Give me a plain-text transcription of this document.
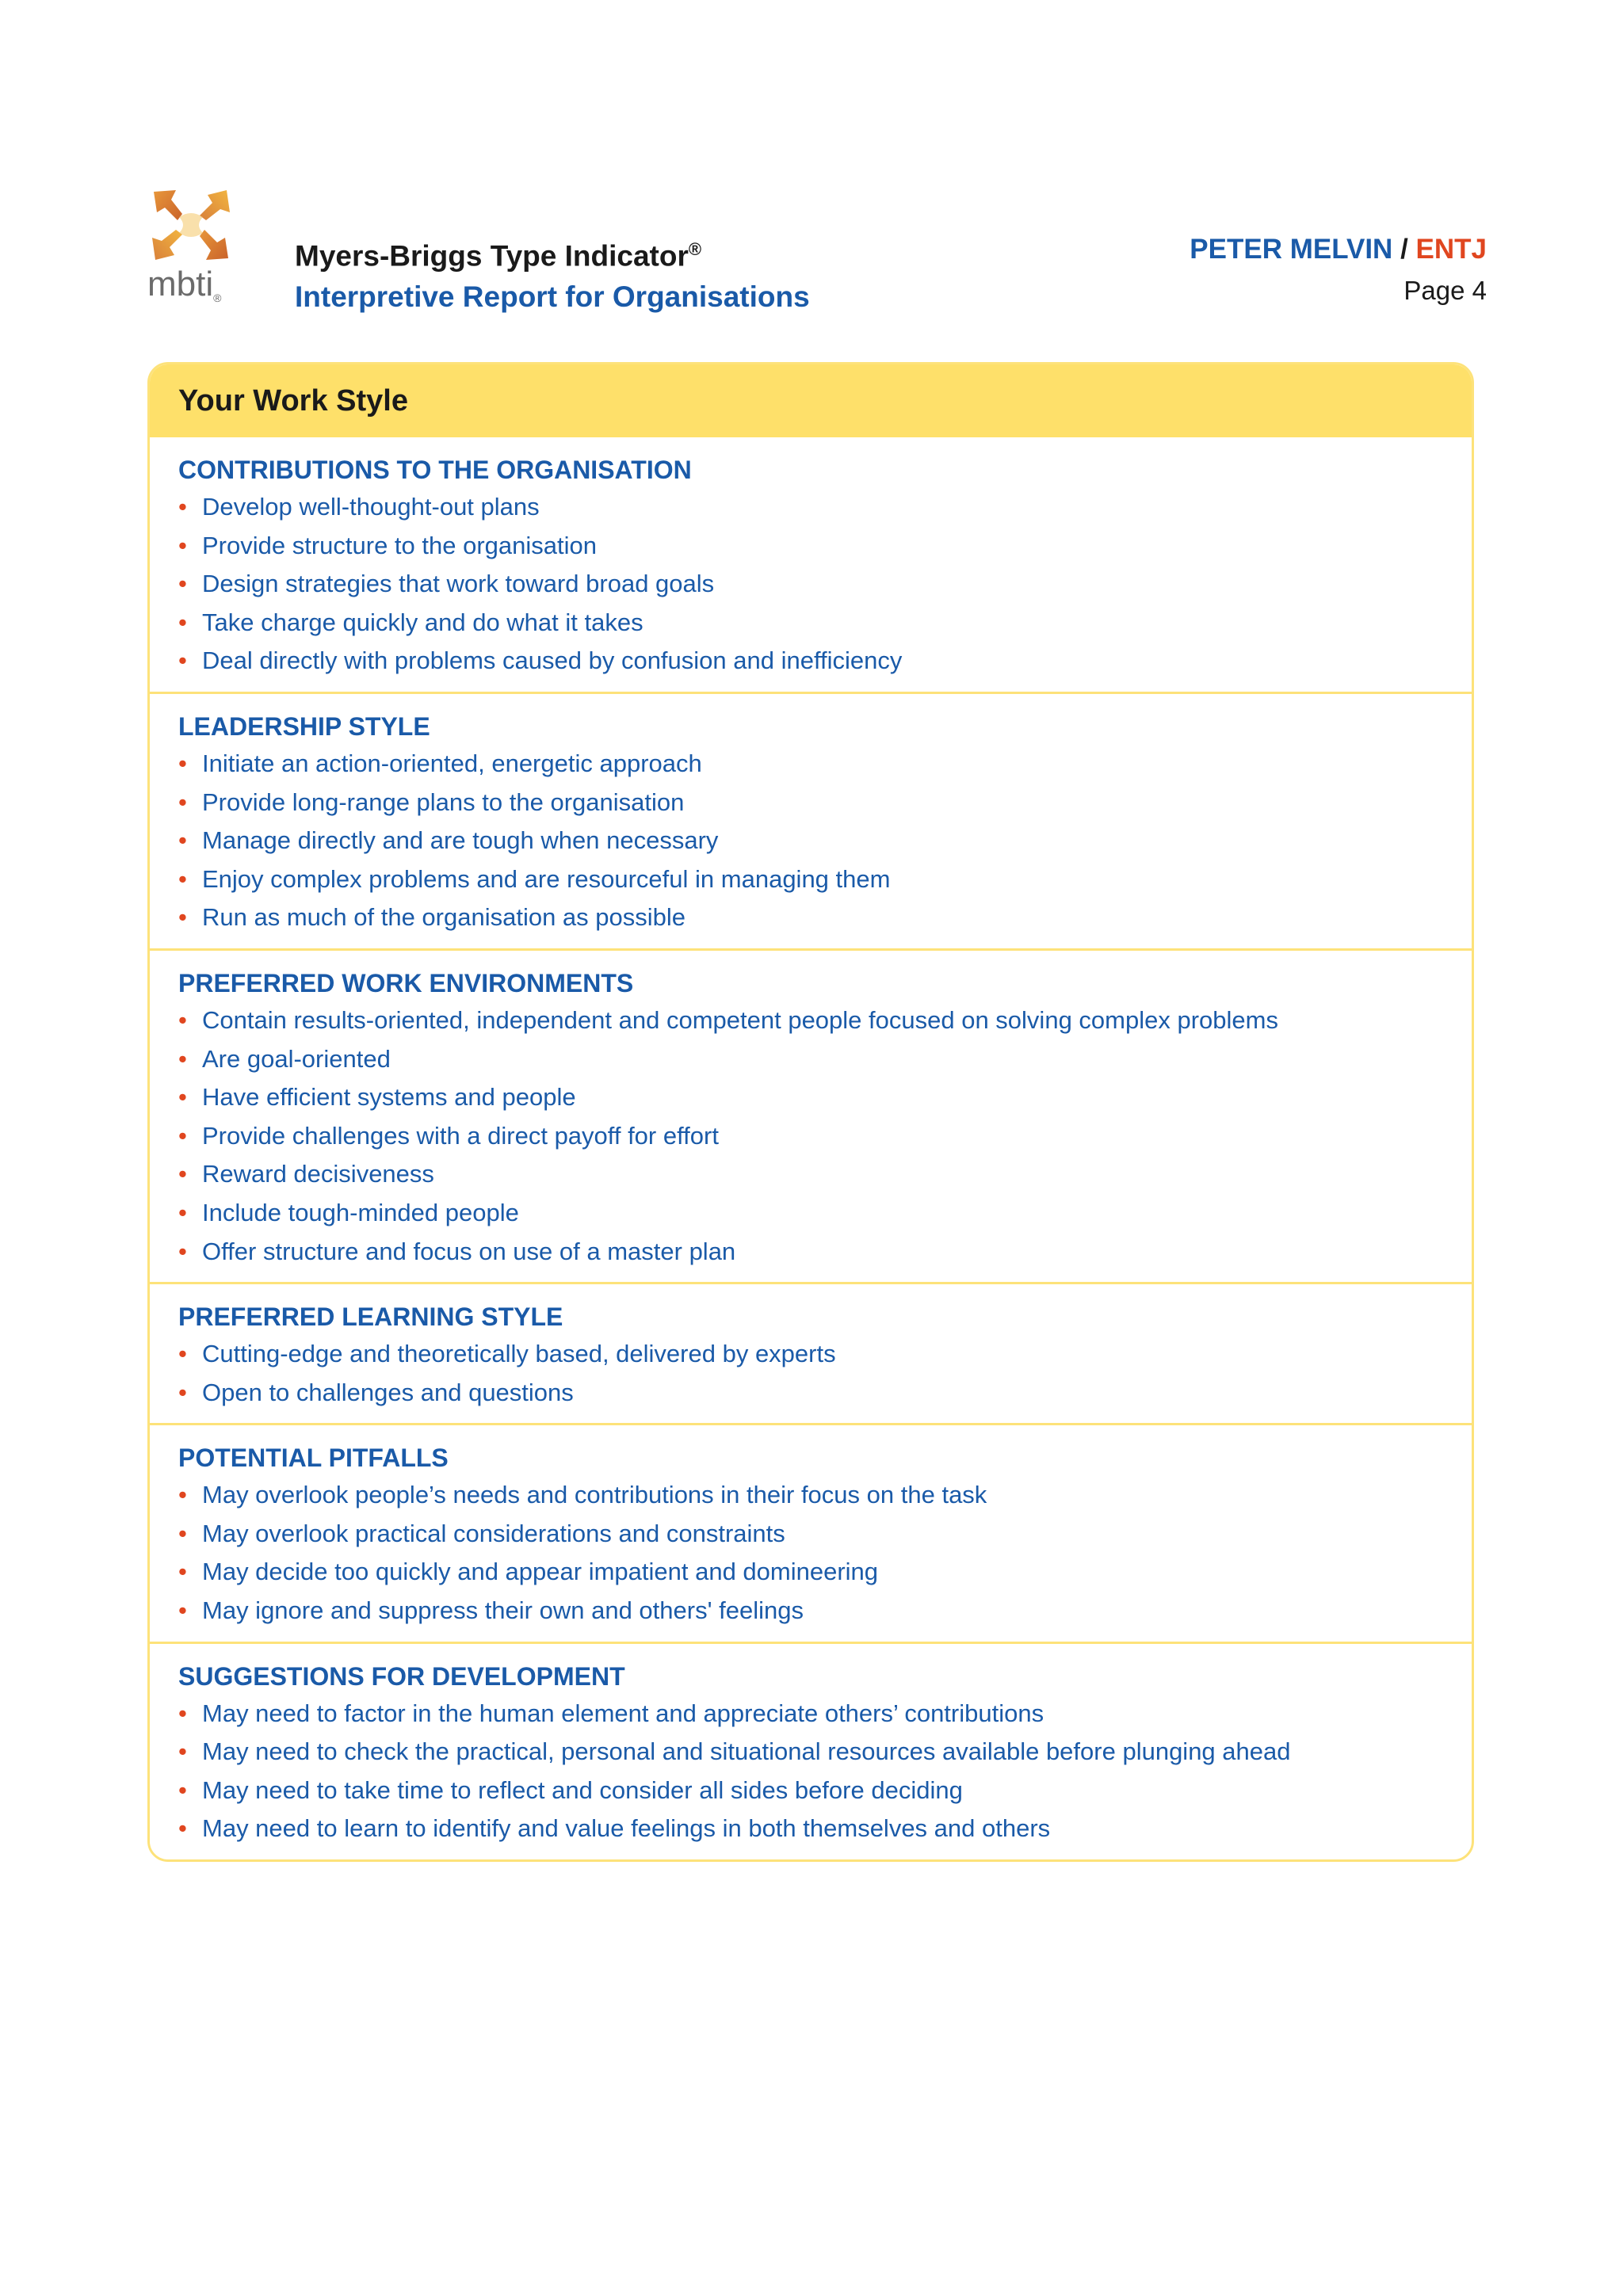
mbti®
Myers-Briggs Type Indicator®
Interpretive Report for Organisations
PETER MELVIN / ENTJ
Page 4
Your Work Style
CONTRIBUTIONS TO THE ORGANISATION
• Develop well-thought-out plans
• Provide structure to the organisation
• Design strategies that work toward broad goals
• Take charge quickly and do what it takes
• Deal directly with problems caused by confusion and inefficiency
LEADERSHIP STYLE
• Initiate an action-oriented, energetic approach
• Provide long-range plans to the organisation
• Manage directly and are tough when necessary
• Enjoy complex problems and are resourceful in managing them
• Run as much of the organisation as possible
PREFERRED WORK ENVIRONMENTS
• Contain results-oriented, independent and competent people focused on solving complex problems
• Are goal-oriented
• Have efficient systems and people
• Provide challenges with a direct payoff for effort
• Reward decisiveness
• Include tough-minded people
• Offer structure and focus on use of a master plan
PREFERRED LEARNING STYLE
• Cutting-edge and theoretically based, delivered by experts
• Open to challenges and questions
POTENTIAL PITFALLS
• May overlook people’s needs and contributions in their focus on the task
• May overlook practical considerations and constraints
• May decide too quickly and appear impatient and domineering
• May ignore and suppress their own and others' feelings
SUGGESTIONS FOR DEVELOPMENT
• May need to factor in the human element and appreciate others’ contributions
• May need to check the practical, personal and situational resources available before plunging ahead
• May need to take time to reflect and consider all sides before deciding
• May need to learn to identify and value feelings in both themselves and others
